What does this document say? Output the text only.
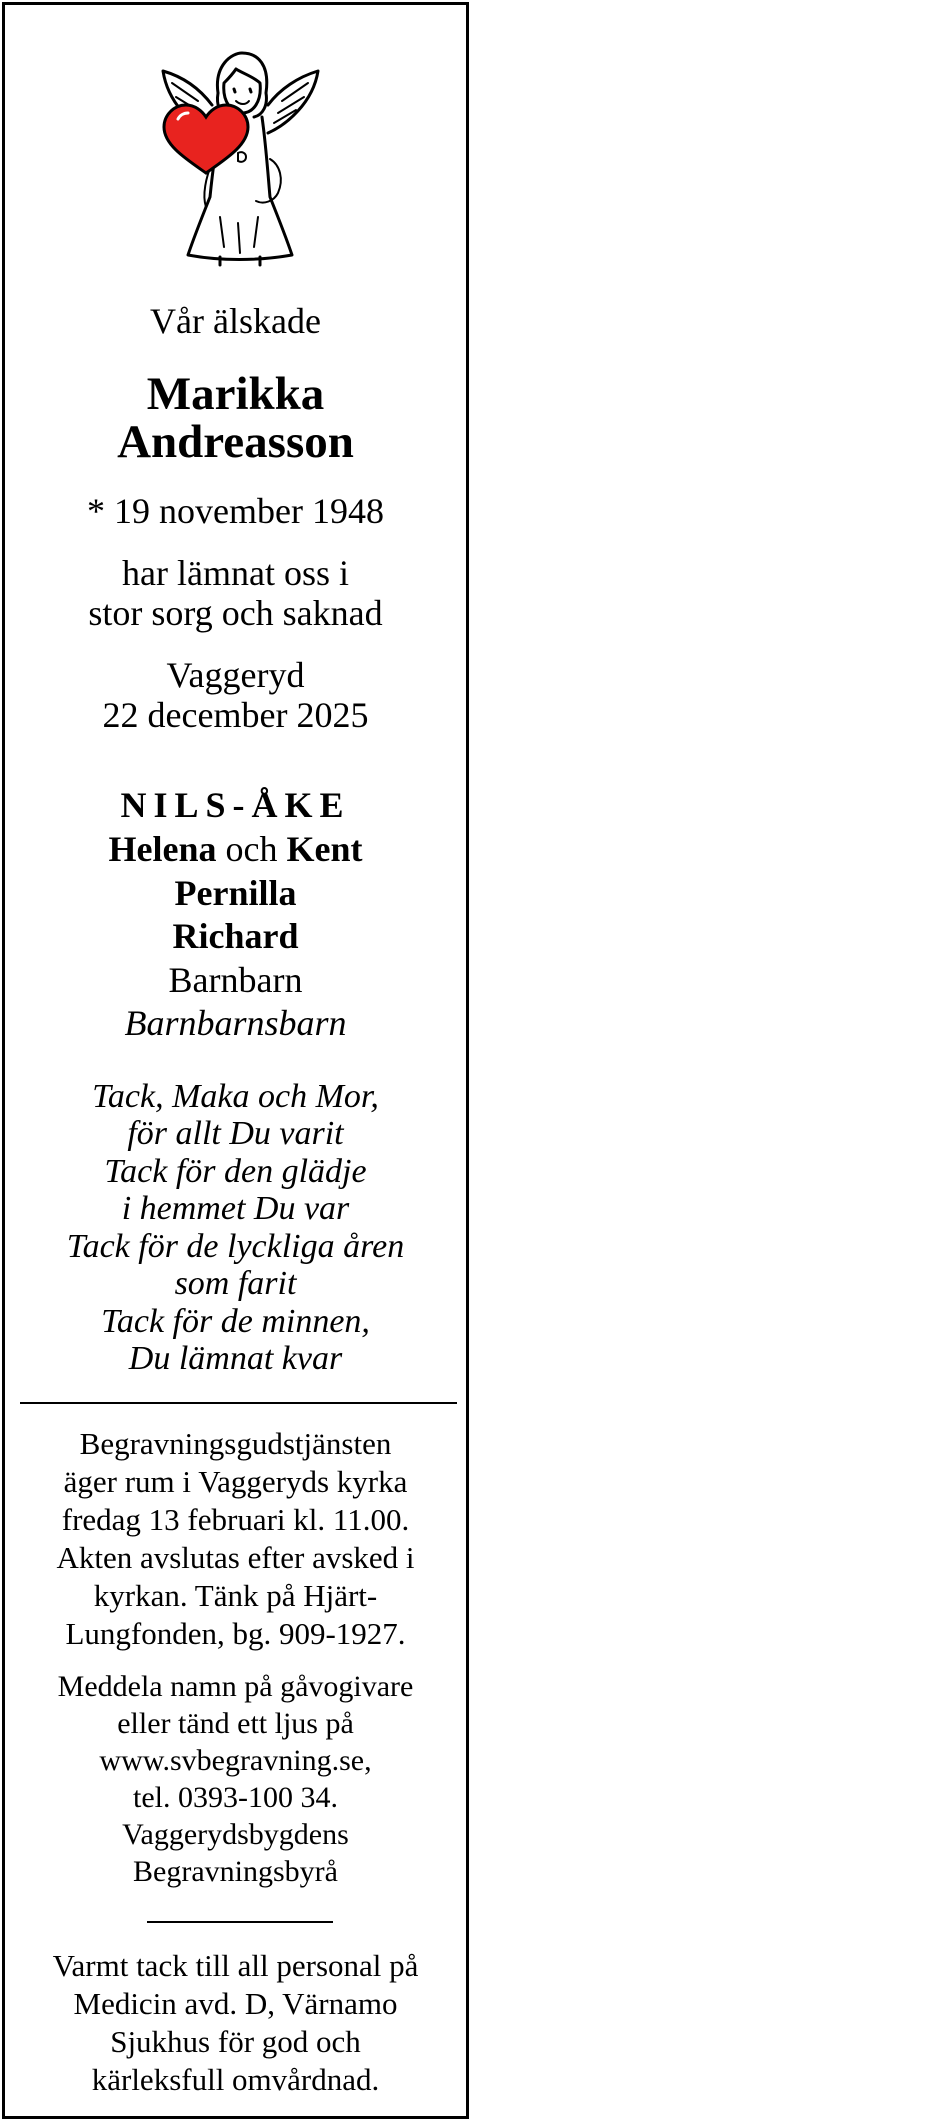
Vår älskade
Marikka
Andreasson
* 19 november 1948
har lämnat oss i
stor sorg och saknad
Vaggeryd
22 december 2025
NILS-ÅKE
Helena och Kent
Pernilla
Richard
Barnbarn
Barnbarnsbarn
Tack, Maka och Mor,
för allt Du varit
Tack för den glädje
i hemmet Du var
Tack för de lyckliga åren
som farit
Tack för de minnen,
Du lämnat kvar
Begravningsgudstjänsten
äger rum i Vaggeryds kyrka
fredag 13 februari kl. 11.00.
Akten avslutas efter avsked i
kyrkan. Tänk på Hjärt-
Lungfonden, bg. 909-1927.
Meddela namn på gåvogivare
eller tänd ett ljus på
www.svbegravning.se,
tel. 0393-100 34.
Vaggerydsbygdens
Begravningsbyrå
Varmt tack till all personal på
Medicin avd. D, Värnamo
Sjukhus för god och
kärleksfull omvårdnad.
